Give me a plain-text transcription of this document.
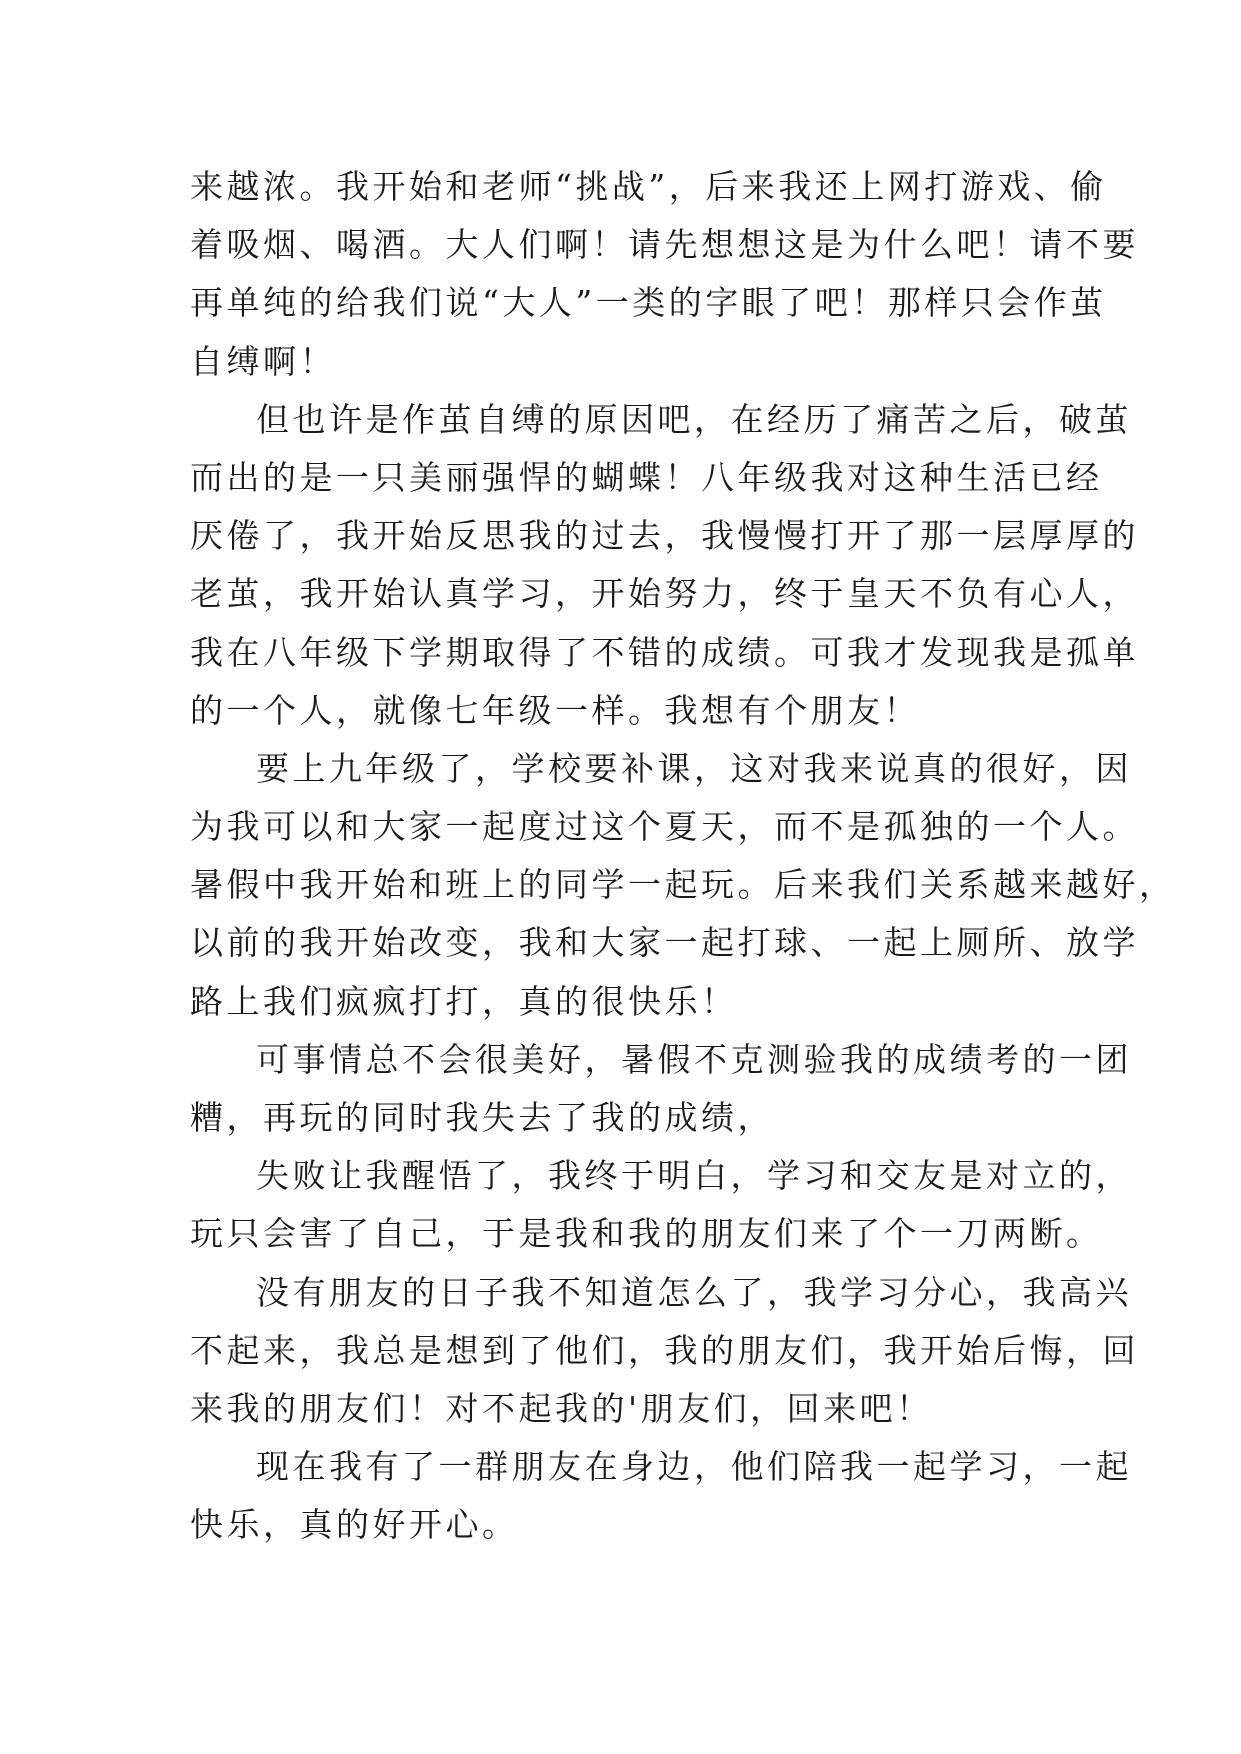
来越浓。我开始和老师“挑战”，后来我还上网打游戏、偷
着吸烟、喝酒。大人们啊！请先想想这是为什么吧！请不要
再单纯的给我们说“大人”一类的字眼了吧！那样只会作茧
自缚啊！
但也许是作茧自缚的原因吧，在经历了痛苦之后，破茧
而出的是一只美丽强悍的蝴蝶！八年级我对这种生活已经
厌倦了，我开始反思我的过去，我慢慢打开了那一层厚厚的
老茧，我开始认真学习，开始努力，终于皇天不负有心人，
我在八年级下学期取得了不错的成绩。可我才发现我是孤单
的一个人，就像七年级一样。我想有个朋友！
要上九年级了，学校要补课，这对我来说真的很好，因
为我可以和大家一起度过这个夏天，而不是孤独的一个人。
暑假中我开始和班上的同学一起玩。后来我们关系越来越好，
以前的我开始改变，我和大家一起打球、一起上厕所、放学
路上我们疯疯打打，真的很快乐！
可事情总不会很美好，暑假不克测验我的成绩考的一团
糟，再玩的同时我失去了我的成绩，
失败让我醒悟了，我终于明白，学习和交友是对立的，
玩只会害了自己，于是我和我的朋友们来了个一刀两断。
没有朋友的日子我不知道怎么了，我学习分心，我高兴
不起来，我总是想到了他们，我的朋友们，我开始后悔，回
来我的朋友们！对不起我的'朋友们，回来吧！
现在我有了一群朋友在身边，他们陪我一起学习，一起
快乐，真的好开心。
